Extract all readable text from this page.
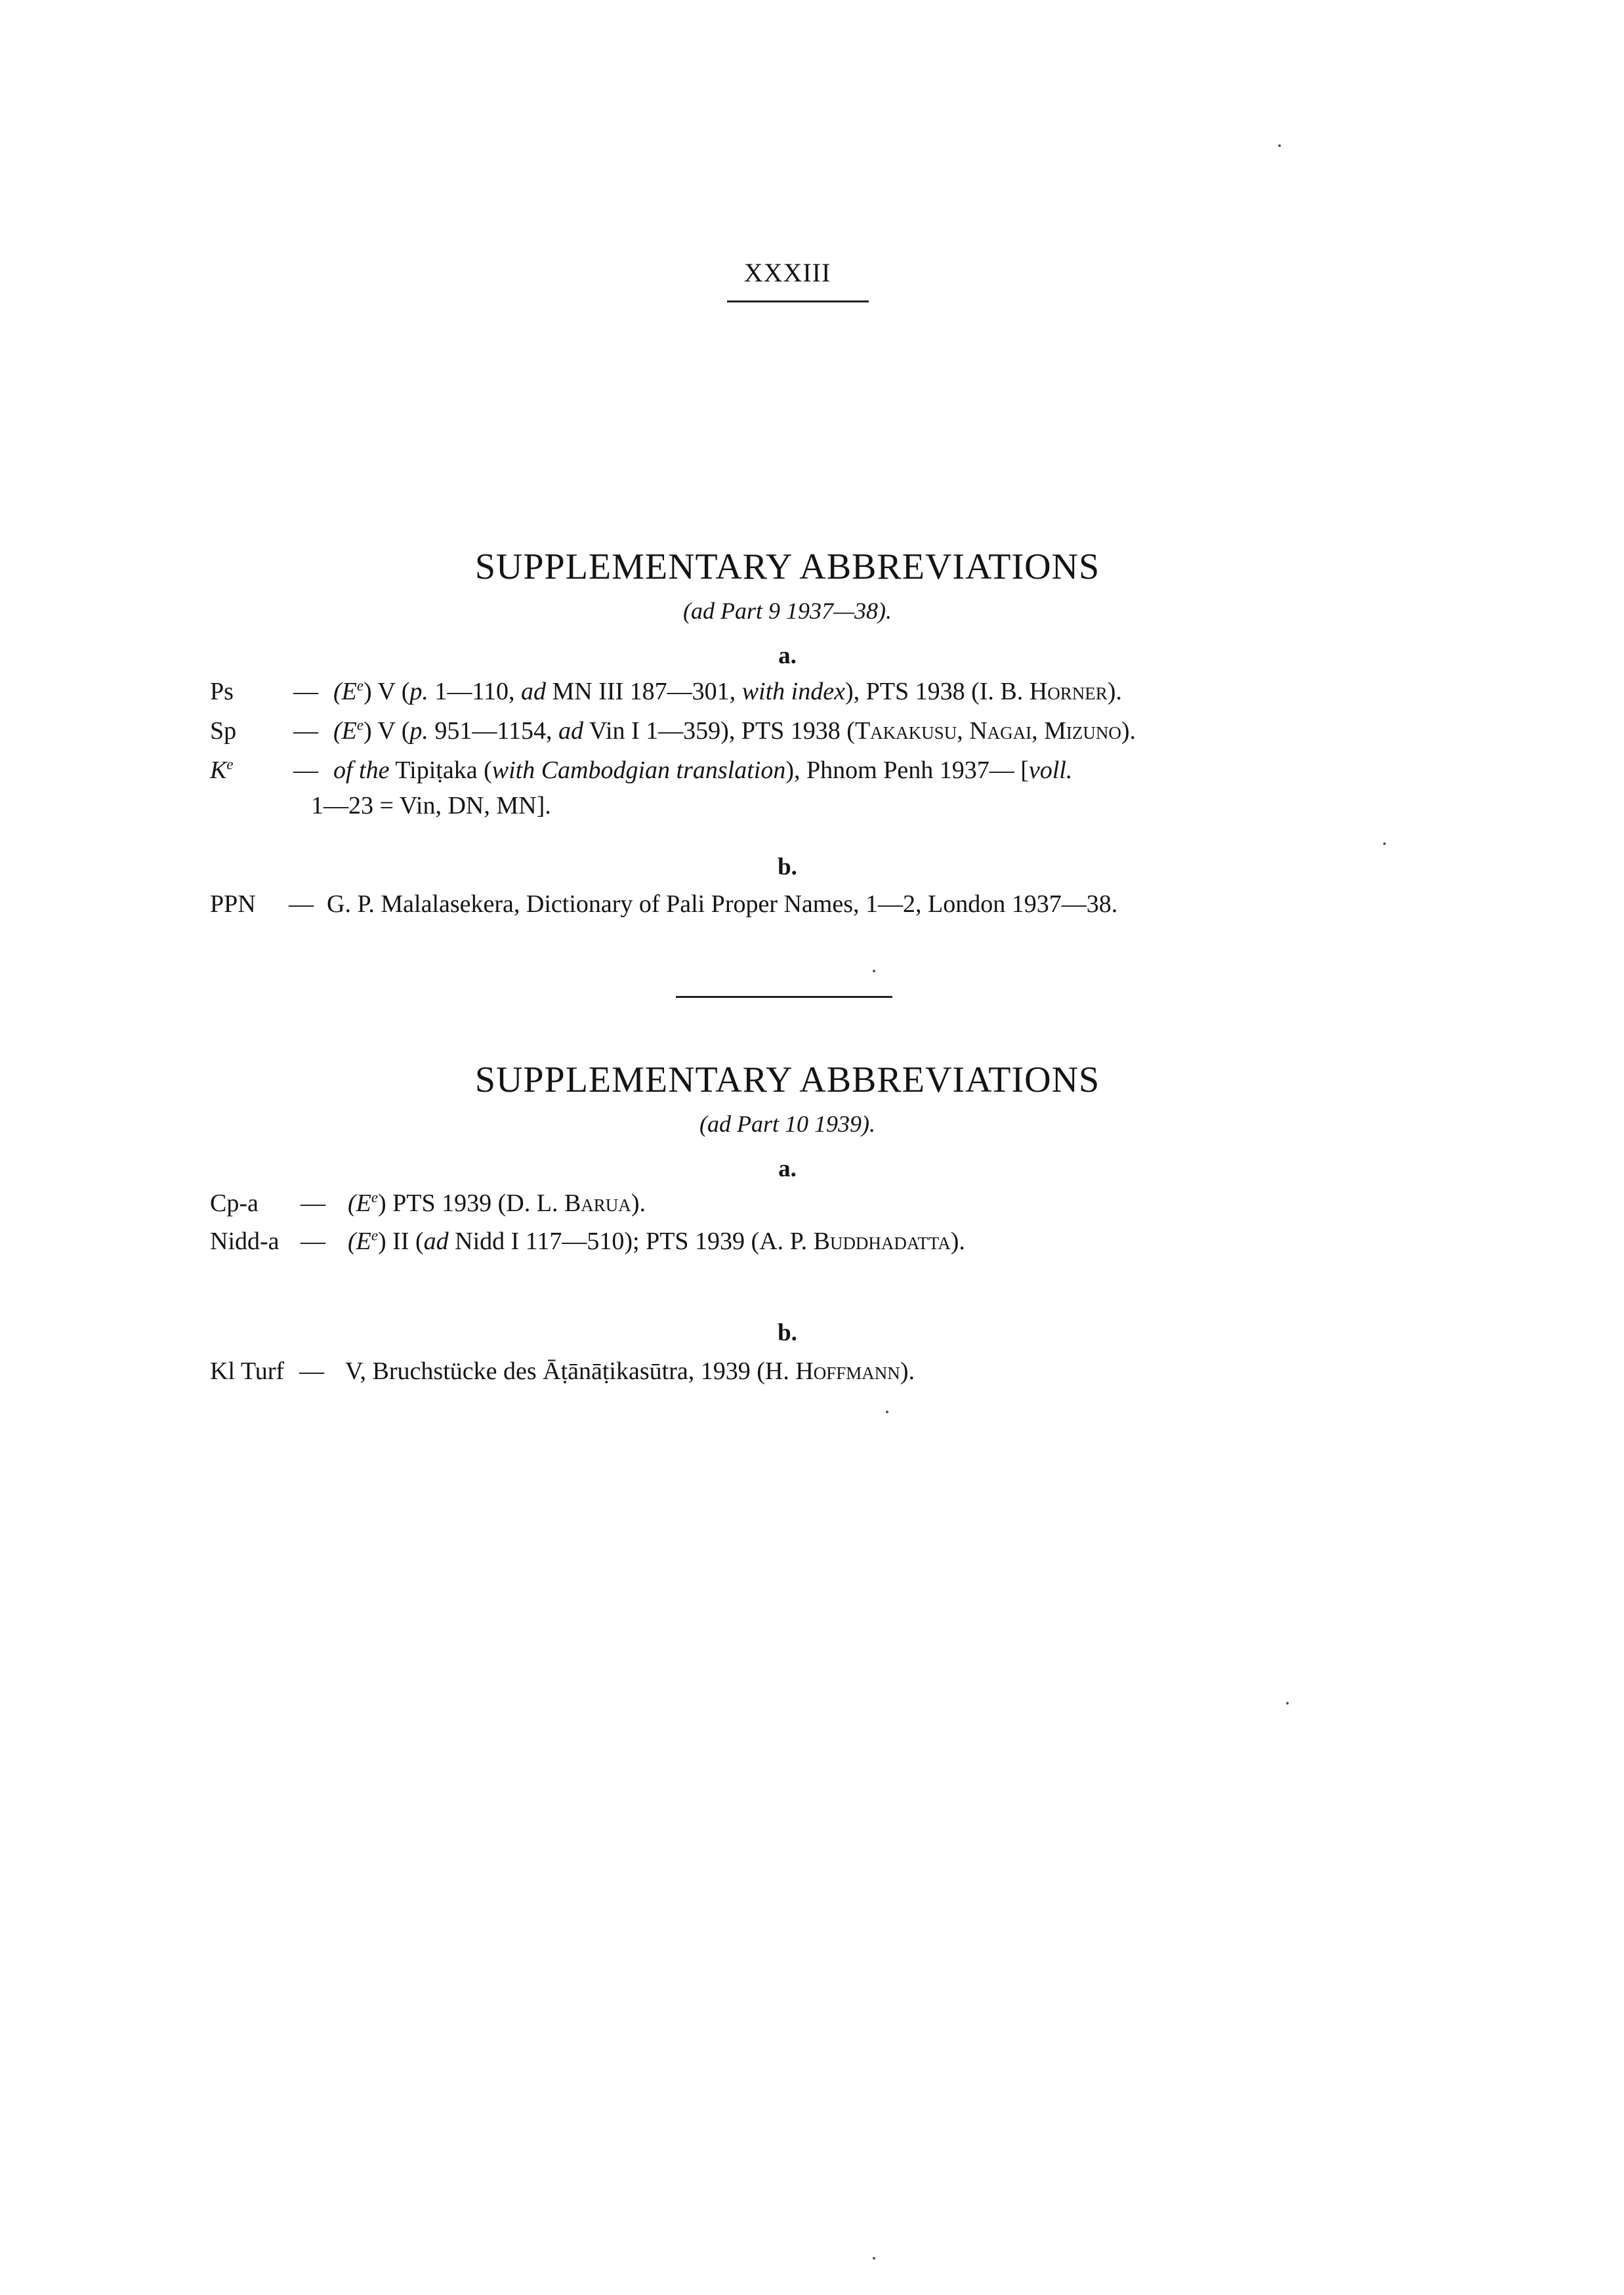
XXXIII
SUPPLEMENTARY ABBREVIATIONS
(ad Part 9 1937—38).
a.
Ps — $(E^e)$ V (p. 1—110, ad MN III 187—301, with index), PTS 1938 (I. B. Horner).
Sp — $(E^e)$ V (p. 951—1154, ad Vin I 1—359), PTS 1938 (Takakusu, Nagai, Mizuno).
$K^e$ — of the Tipiṭaka (with Cambodgian translation), Phnom Penh 1937— [voll.
1—23 = Vin, DN, MN].
b.
PPN — G. P. Malalasekera, Dictionary of Pali Proper Names, 1—2, London 1937—38.
SUPPLEMENTARY ABBREVIATIONS
(ad Part 10 1939).
a.
Cp-a — $(E^e)$ PTS 1939 (D. L. Barua).
Nidd-a — $(E^e)$ II (ad Nidd I 117—510); PTS 1939 (A. P. Buddhadatta).
b.
Kl Turf — V, Bruchstücke des Āṭānāṭikasūtra, 1939 (H. Hoffmann).
